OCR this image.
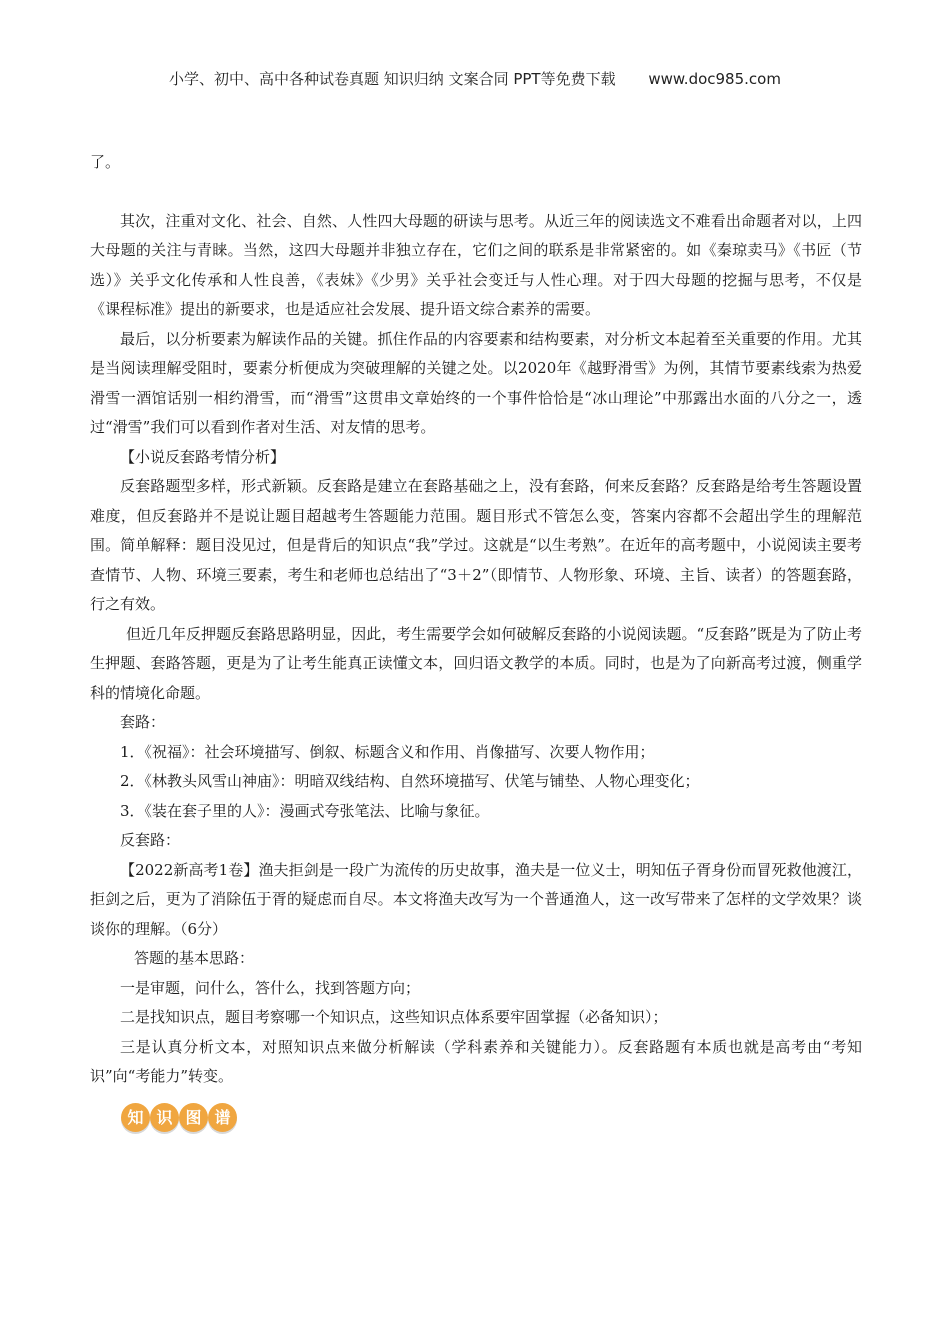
小学、初中、高中各种试卷真题 知识归纳 文案合同 PPT等免费下载 www.doc985.com

了。

其次，注重对文化、社会、自然、人性四大母题的研读与思考。从近三年的阅读选文不难看出命题者对以，上四大母题的关注与青睐。当然，这四大母题并非独立存在，它们之间的联系是非常紧密的。如《秦琼卖马》《书匠（节选）》关乎文化传承和人性良善，《表妹》《少男》关乎社会变迁与人性心理。对于四大母题的挖掘与思考，不仅是《课程标准》提出的新要求，也是适应社会发展、提升语文综合素养的需要。

最后，以分析要素为解读作品的关键。抓住作品的内容要素和结构要素，对分析文本起着至关重要的作用。尤其是当阅读理解受阻时，要素分析便成为突破理解的关键之处。以2020年《越野滑雪》为例，其情节要素线索为热爱滑雪一酒馆话别一相约滑雪，而“滑雪”这贯串文章始终的一个事件恰恰是“冰山理论”中那露出水面的八分之一，透过“滑雪”我们可以看到作者对生活、对友情的思考。

【小说反套路考情分析】

反套路题型多样，形式新颖。反套路是建立在套路基础之上，没有套路，何来反套路？反套路是给考生答题设置难度，但反套路并不是说让题目超越考生答题能力范围。题目形式不管怎么变，答案内容都不会超出学生的理解范围。简单解释：题目没见过，但是背后的知识点“我”学过。这就是“以生考熟”。在近年的高考题中，小说阅读主要考查情节、人物、环境三要素，考生和老师也总结出了“3＋2”（即情节、人物形象、环境、主旨、读者）的答题套路，行之有效。

但近几年反押题反套路思路明显，因此，考生需要学会如何破解反套路的小说阅读题。“反套路”既是为了防止考生押题、套路答题，更是为了让考生能真正读懂文本，回归语文教学的本质。同时，也是为了向新高考过渡，侧重学科的情境化命题。

套路：

1．《祝福》：社会环境描写、倒叙、标题含义和作用、肖像描写、次要人物作用；

2．《林教头风雪山神庙》：明暗双线结构、自然环境描写、伏笔与铺垫、人物心理变化；

3．《装在套子里的人》：漫画式夸张笔法、比喻与象征。

反套路：

【2022新高考1卷】渔夫拒剑是一段广为流传的历史故事，渔夫是一位义士，明知伍子胥身份而冒死救他渡江，拒剑之后，更为了消除伍于胥的疑虑而自尽。本文将渔夫改写为一个普通渔人，这一改写带来了怎样的文学效果？谈谈你的理解。（6分）

答题的基本思路：

一是审题，问什么，答什么，找到答题方向；

二是找知识点，题目考察哪一个知识点，这些知识点体系要牢固掌握（必备知识）；

三是认真分析文本，对照知识点来做分析解读（学科素养和关键能力）。反套路题有本质也就是高考由“考知识”向“考能力”转变。

知 识 图 谱
